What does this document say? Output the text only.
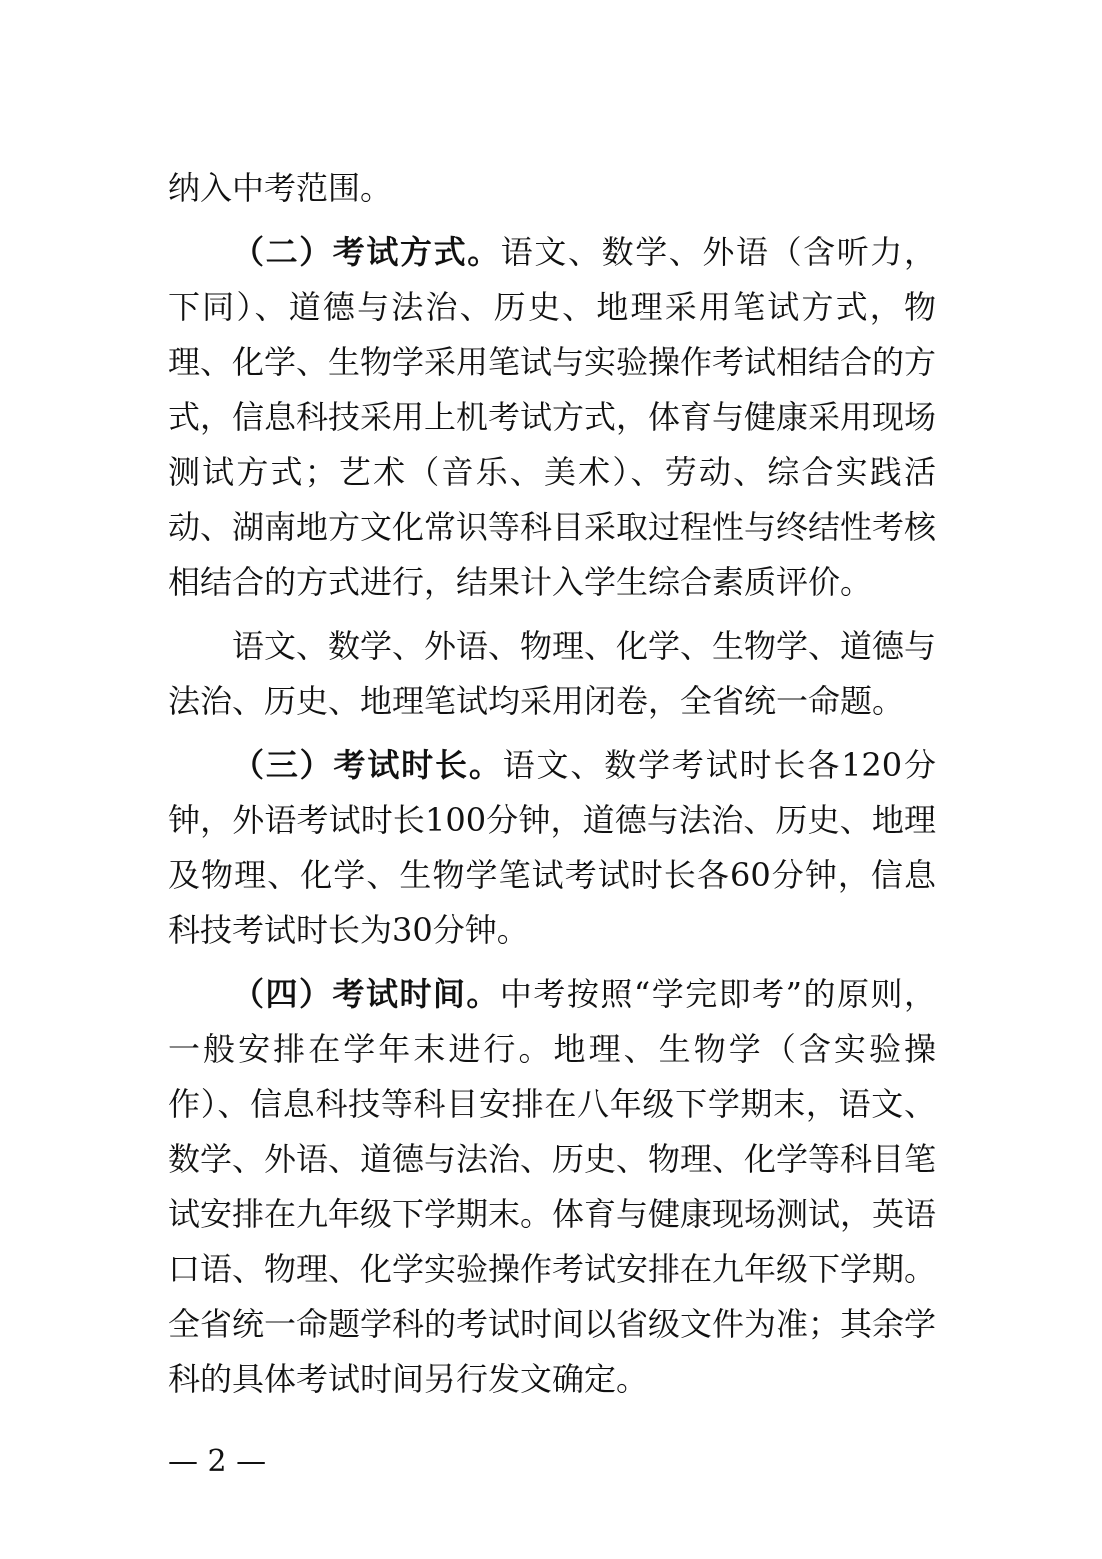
纳入中考范围。

（二）考试方式。语文、数学、外语（含听力，下同）、道德与法治、历史、地理采用笔试方式，物理、化学、生物学采用笔试与实验操作考试相结合的方式，信息科技采用上机考试方式，体育与健康采用现场测试方式；艺术（音乐、美术）、劳动、综合实践活动、湖南地方文化常识等科目采取过程性与终结性考核相结合的方式进行，结果计入学生综合素质评价。

语文、数学、外语、物理、化学、生物学、道德与法治、历史、地理笔试均采用闭卷，全省统一命题。

（三）考试时长。语文、数学考试时长各120分钟，外语考试时长100分钟，道德与法治、历史、地理及物理、化学、生物学笔试考试时长各60分钟，信息科技考试时长为30分钟。

（四）考试时间。中考按照“学完即考”的原则，一般安排在学年末进行。地理、生物学（含实验操作）、信息科技等科目安排在八年级下学期末，语文、数学、外语、道德与法治、历史、物理、化学等科目笔试安排在九年级下学期末。体育与健康现场测试，英语口语、物理、化学实验操作考试安排在九年级下学期。全省统一命题学科的考试时间以省级文件为准；其余学科的具体考试时间另行发文确定。

— 2 —
